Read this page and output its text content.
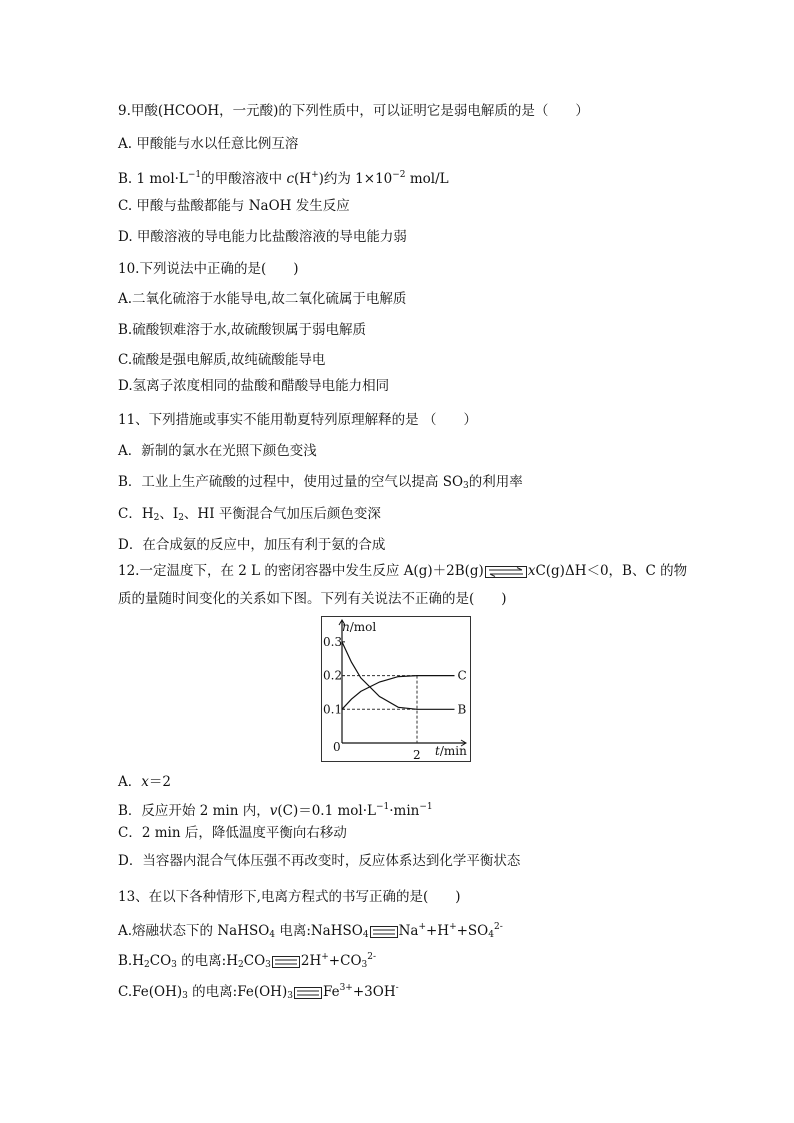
9.甲酸(HCOOH，一元酸)的下列性质中，可以证明它是弱电解质的是（　　）
A. 甲酸能与水以任意比例互溶
B. 1 $mol\cdot L^{-1}$的甲酸溶液中 c(H+)约为 $1\times 10^{-2}$ mol/L
C. 甲酸与盐酸都能与 NaOH 发生反应
D. 甲酸溶液的导电能力比盐酸溶液的导电能力弱
10.下列说法中正确的是(　　)
A.二氧化硫溶于水能导电,故二氧化硫属于电解质
B.硫酸钡难溶于水,故硫酸钡属于弱电解质
C.硫酸是强电解质,故纯硫酸能导电
D.氢离子浓度相同的盐酸和醋酸导电能力相同
11、下列措施或事实不能用勒夏特列原理解释的是 （　　）
A．新制的氯水在光照下颜色变浅
B．工业上生产硫酸的过程中，使用过量的空气以提高 $SO_3$的利用率
C．$H_2$、$I_2$、HI 平衡混合气加压后颜色变深
D．在合成氨的反应中，加压有利于氨的合成
12.一定温度下，在 2 L 的密闭容器中发生反应 A(g)＋2B(g)	xC(g)ΔH＜0，B、C 的物
质的量随时间变化的关系如下图。下列有关说法不正确的是(　　)
0.3
0.2
0.1
2
C
B
n/mol
t/min
0
A．x＝2
B．反应开始 2 min 内，v(C)＝0.1 $mol\cdot L^{-1}\cdot\min^{-1}$
C．2 min 后，降低温度平衡向右移动
D．当容器内混合气体压强不再改变时，反应体系达到化学平衡状态
13、在以下各种情形下,电离方程式的书写正确的是(　　)
A.熔融状态下的 NaHSO$_4$ 电离:NaHSO$_4$ $Na^++H^++SO_4^{2-}$
$B.H_2CO_3$ 的电离$:H_2CO_3$ $2H^++CO_3^{2-}$
$C.Fe(OH)_3$ 的电离$:Fe(OH)_3$ $Fe^{3+}+3OH^-$
